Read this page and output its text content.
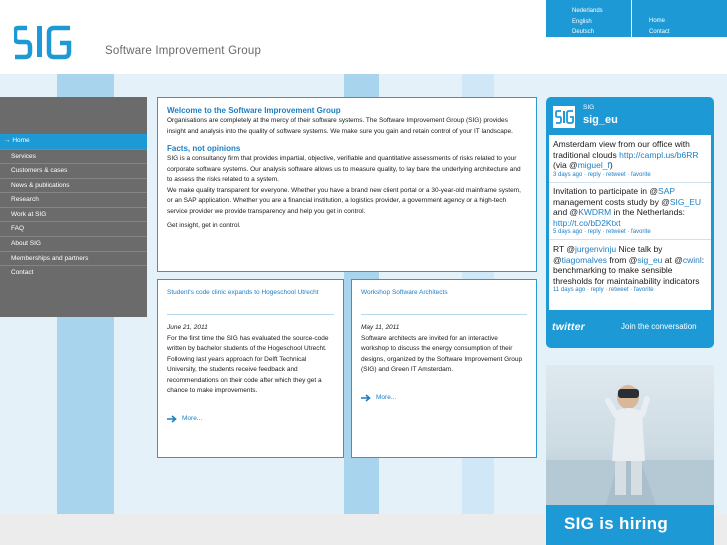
Software Improvement Group
Nederlands
English
Deutsch
Home
Contact
→ Home
Services
Customers & cases
News & publications
Research
Work at SIG
FAQ
About SIG
Memberships and partners
Contact
Welcome to the Software Improvement Group

Organisations are completely at the mercy of their software systems. The Software Improvement Group (SIG) provides insight and analysis into the quality of software systems. We make sure you gain and retain control of your IT landscape.

Facts, not opinions

SIG is a consultancy firm that provides impartial, objective, verifiable and quantitative assessments of risks related to your corporate software systems. Our analysis software allows us to measure quality, to lay bare the underlying architecture and to assess the risks related to a system.

We make quality transparent for everyone. Whether you have a brand new client portal or a 30-year-old mainframe system, or an SAP application. Whether you are a financial institution, a logistics provider, a government agency or a high-tech service provider we provide transparency and help you get in control.

Get insight, get in control.

Student's code clinic expands to Hogeschool Utrecht
June 21, 2011
For the first time the SIG has evaluated the source-code written by bachelor students of the Hogeschool Utrecht. Following last years approach for Delft Technical University, the students receive feedback and recommendations on their code after which they get a chance to make improvements.
More...
Workshop Software Architects
May 11, 2011
Software architects are invited for an interactive workshop to discuss the energy consumption of their designs, organized by the Software Improvement Group (SIG) and Green IT Amsterdam.
More...
SIG
sig_eu
Amsterdam view from our office with traditional clouds http://campl.us/b6RR (via @miguel_f)
3 days ago · reply · retweet · favorite
Invitation to participate in @SAP management costs study by @SIG_EU and @KWDRM in the Netherlands: http://t.co/bD2Ktxt
5 days ago · reply · retweet · favorite
RT @jurgenvinju Nice talk by @tiagomalves from @sig_eu at @cwinl: benchmarking to make sensible thresholds for maintainability indicators
11 days ago · reply · retweet · favorite
twitter	Join the conversation
SIG is hiring
